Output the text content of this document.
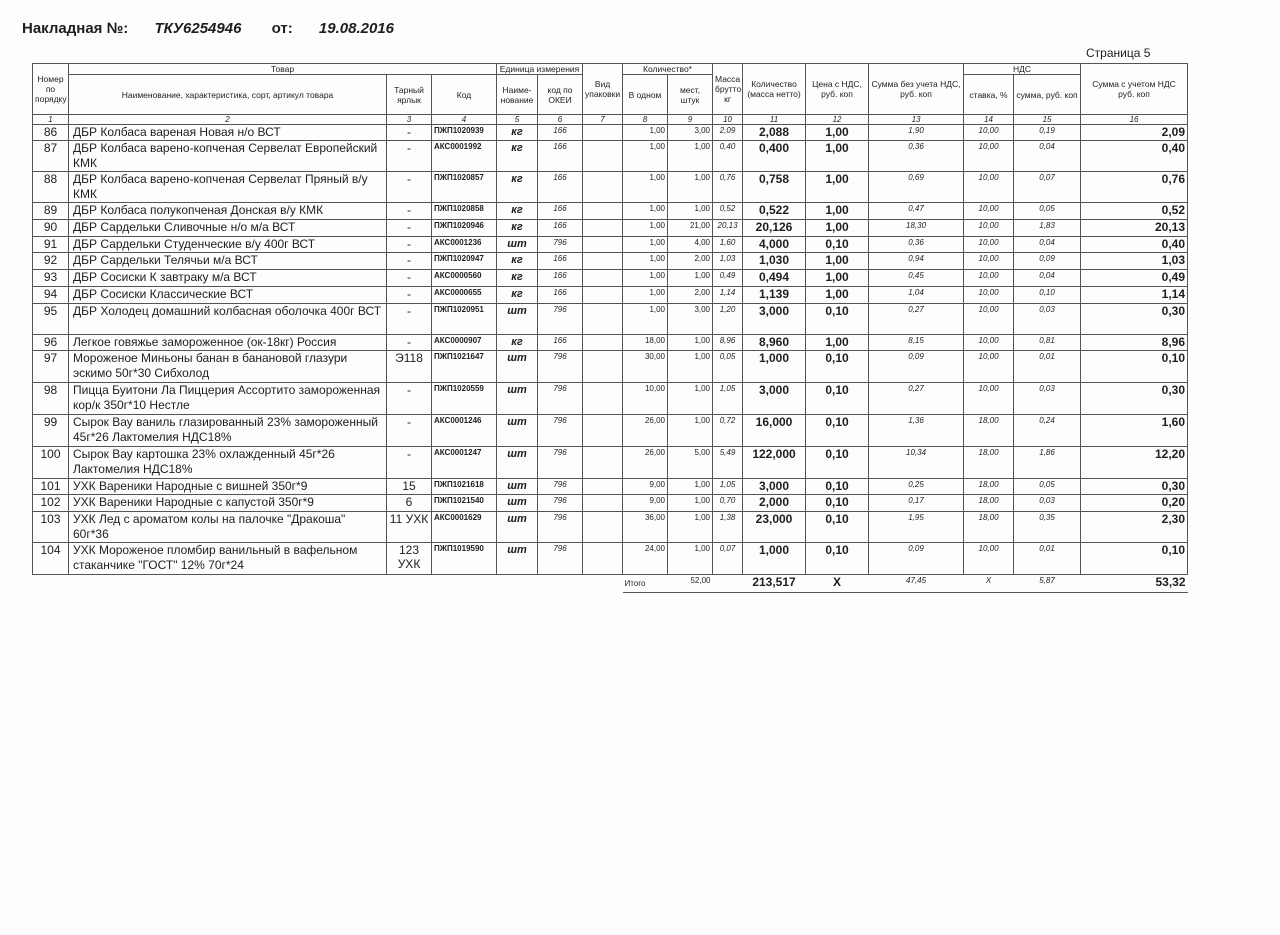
Накладная №: ТКУ6254946 от: 19.08.2016
Страница 5
Номер по порядку	Товар			Единица измерения		Вид упаковки	Количество*		Масса брутто кг	Количество (масса нетто)	Цена с НДС, руб. коп	Сумма без учета НДС, руб. коп	НДС		Сумма с учетом НДС руб. коп
	Наименование, характеристика, сорт, артикул товара	Тарный ярлык	Код	Наиме-нование	код по ОКЕИ		В одном	мест, штук					ставка, %	сумма, руб. коп	
1	2	3	4	5	6	7	8	9	10	11	12	13	14	15	16
86	ДБР Колбаса вареная Новая н/о ВСТ	-	ПЖП1020939	кг	166		1,00	3,00	2,09	2,088	1,00	1,90	10,00	0,19	2,09
87	ДБР Колбаса варено-копченая Сервелат Европейский КМК	-	АКС0001992	кг	166		1,00	1,00	0,40	0,400	1,00	0,36	10,00	0,04	0,40
88	ДБР Колбаса варено-копченая Сервелат Пряный в/у КМК	-	ПЖП1020857	кг	166		1,00	1,00	0,76	0,758	1,00	0,69	10,00	0,07	0,76
89	ДБР Колбаса полукопченая Донская в/у КМК	-	ПЖП1020858	кг	166		1,00	1,00	0,52	0,522	1,00	0,47	10,00	0,05	0,52
90	ДБР Сардельки Сливочные н/о м/а ВСТ	-	ПЖП1020946	кг	166		1,00	21,00	20,13	20,126	1,00	18,30	10,00	1,83	20,13
91	ДБР Сардельки Студенческие в/у 400г ВСТ	-	АКС0001236	шт	796		1,00	4,00	1,60	4,000	0,10	0,36	10,00	0,04	0,40
92	ДБР Сардельки Телячьи м/а ВСТ	-	ПЖП1020947	кг	166		1,00	2,00	1,03	1,030	1,00	0,94	10,00	0,09	1,03
93	ДБР Сосиски К завтраку м/а ВСТ	-	АКС0000560	кг	166		1,00	1,00	0,49	0,494	1,00	0,45	10,00	0,04	0,49
94	ДБР Сосиски Классические ВСТ	-	АКС0000655	кг	166		1,00	2,00	1,14	1,139	1,00	1,04	10,00	0,10	1,14
95	ДБР Холодец домашний колбасная оболочка 400г ВСТ	-	ПЖП1020951	шт	796		1,00	3,00	1,20	3,000	0,10	0,27	10,00	0,03	0,30
96	Легкое говяжье замороженное (ок-18кг) Россия	-	АКС0000907	кг	166		18,00	1,00	8,96	8,960	1,00	8,15	10,00	0,81	8,96
97	Мороженое Миньоны банан в банановой глазури эскимо 50г*30 Сибхолод	Э118	ПЖП1021647	шт	796		30,00	1,00	0,05	1,000	0,10	0,09	10,00	0,01	0,10
98	Пицца Буитони Ла Пиццерия Ассортито замороженная кор/к 350г*10 Нестле	-	ПЖП1020559	шт	796		10,00	1,00	1,05	3,000	0,10	0,27	10,00	0,03	0,30
99	Сырок Вау ваниль глазированный 23% замороженный 45г*26 Лактомелия НДС18%	-	АКС0001246	шт	796		26,00	1,00	0,72	16,000	0,10	1,36	18,00	0,24	1,60
100	Сырок Вау картошка 23% охлажденный 45г*26 Лактомелия НДС18%	-	АКС0001247	шт	796		26,00	5,00	5,49	122,000	0,10	10,34	18,00	1,86	12,20
101	УХК Вареники Народные с вишней 350г*9	15	ПЖП1021618	шт	796		9,00	1,00	1,05	3,000	0,10	0,25	18,00	0,05	0,30
102	УХК Вареники Народные с капустой 350г*9	6	ПЖП1021540	шт	796		9,00	1,00	0,70	2,000	0,10	0,17	18,00	0,03	0,20
103	УХК Лед с ароматом колы на палочке "Дракоша" 60г*36	11 УХК	АКС0001629	шт	796		36,00	1,00	1,38	23,000	0,10	1,95	18,00	0,35	2,30
104	УХК Мороженое пломбир ванильный в вафельном стаканчике "ГОСТ" 12% 70г*24	123 УХК	ПЖП1019590	шт	796		24,00	1,00	0,07	1,000	0,10	0,09	10,00	0,01	0,10
							Итого	52,00		213,517	X	47,45	X	5,87	53,32
